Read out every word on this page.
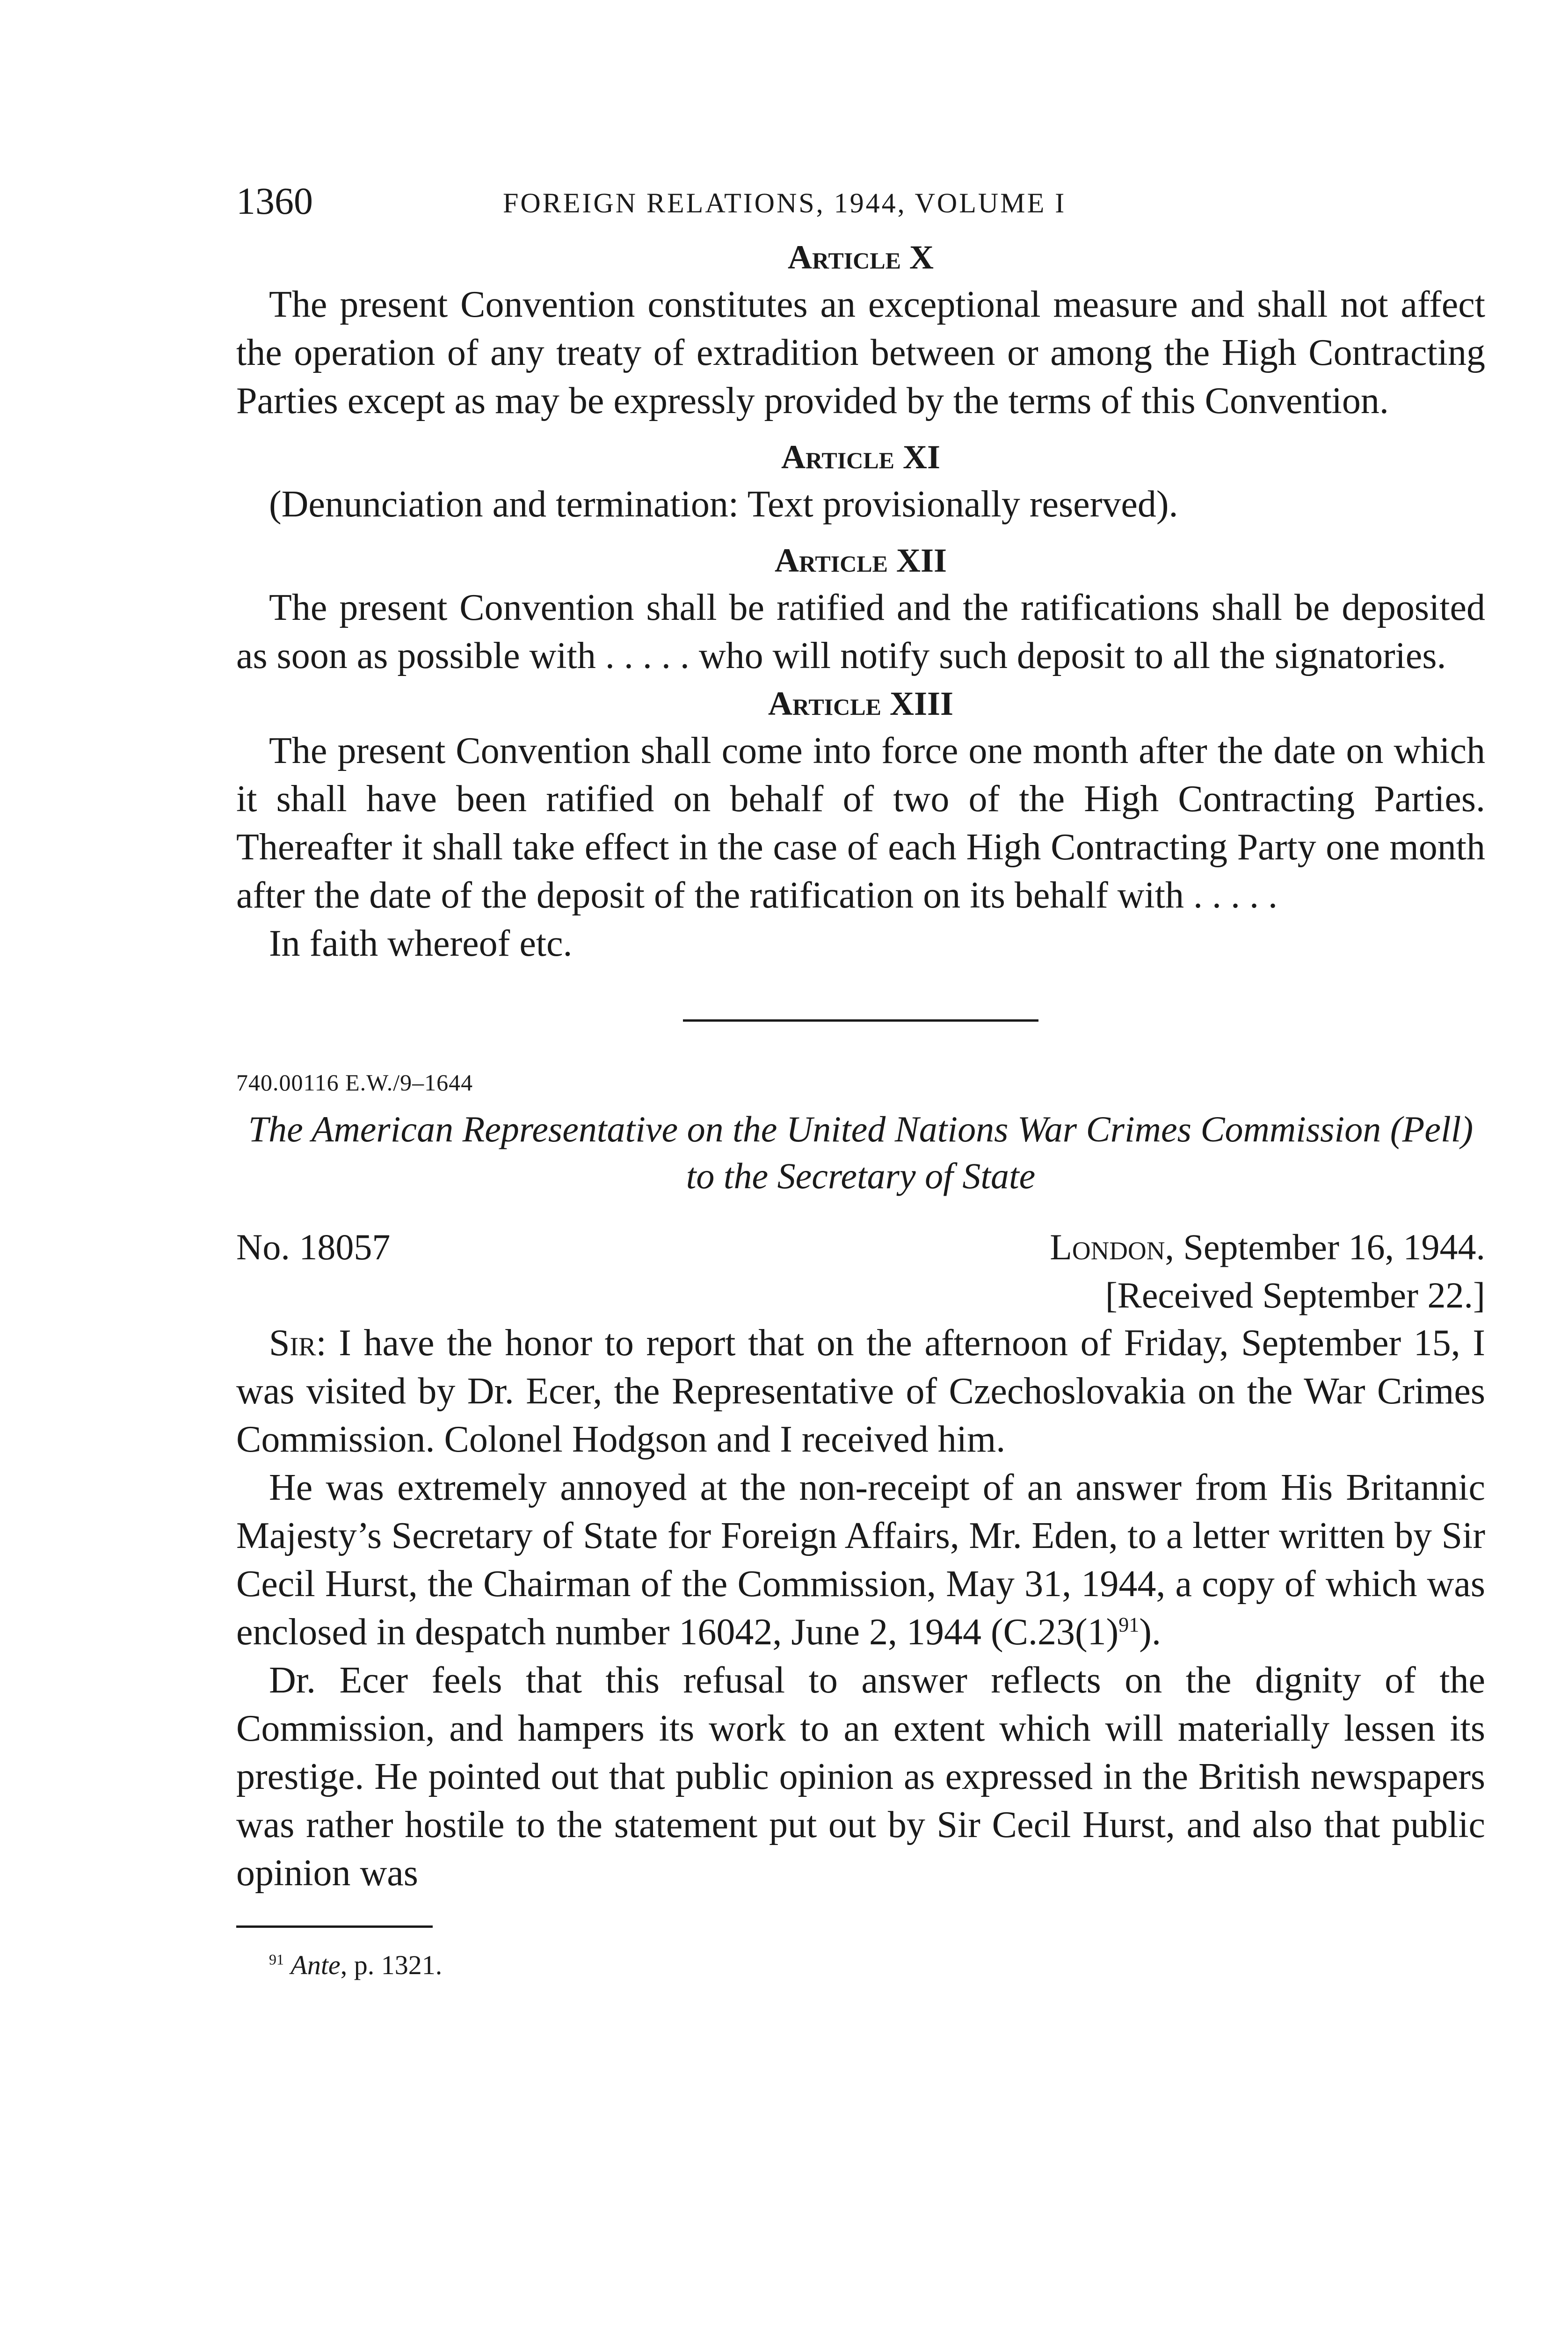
1360	FOREIGN RELATIONS, 1944, VOLUME I
Article X

The present Convention constitutes an exceptional measure and shall not affect the operation of any treaty of extradition between or among the High Contracting Parties except as may be expressly provided by the terms of this Convention.

Article XI

(Denunciation and termination: Text provisionally reserved).

Article XII

The present Convention shall be ratified and the ratifications shall be deposited as soon as possible with . . . . . who will notify such deposit to all the signatories.

Article XIII

The present Convention shall come into force one month after the date on which it shall have been ratified on behalf of two of the High Contracting Parties. Thereafter it shall take effect in the case of each High Contracting Party one month after the date of the deposit of the ratification on its behalf with . . . . .

In faith whereof etc.

740.00116 E.W./9–1644
The American Representative on the United Nations War Crimes Commission (Pell) to the Secretary of State
No. 18057	London, September 16, 1944.
[Received September 22.]

Sir: I have the honor to report that on the afternoon of Friday, September 15, I was visited by Dr. Ecer, the Representative of Czechoslovakia on the War Crimes Commission. Colonel Hodgson and I received him.

He was extremely annoyed at the non-receipt of an answer from His Britannic Majesty’s Secretary of State for Foreign Affairs, Mr. Eden, to a letter written by Sir Cecil Hurst, the Chairman of the Commission, May 31, 1944, a copy of which was enclosed in despatch number 16042, June 2, 1944 $(C.23(1)^{91})$.

Dr. Ecer feels that this refusal to answer reflects on the dignity of the Commission, and hampers its work to an extent which will materially lessen its prestige. He pointed out that public opinion as expressed in the British newspapers was rather hostile to the statement put out by Sir Cecil Hurst, and also that public opinion was

$^{91}$ Ante, p. 1321.
